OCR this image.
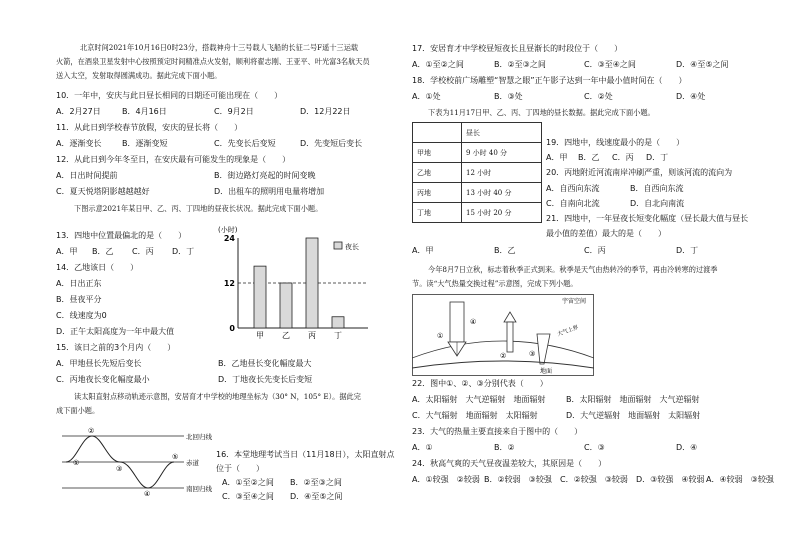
北京时间2021年10月16日0时23分，搭载神舟十三号载人飞船的长征二号F遥十三运载
火箭，在酒泉卫星发射中心按照预定时间精准点火发射，顺利将翟志刚、王亚平、叶光富3名航天员
送入太空，发射取得圆满成功。据此完成下面小题。
10．一年中，安庆与此日昼长相同的日期还可能出现在（　　）
A．2月27日	B．4月16日	C．9月2日	D．12月22日
11．从此日到学校春节放假，安庆的昼长将（　　）
A．逐渐变长	B．逐渐变短	C．先变长后变短	D．先变短后变长
12．从此日到今年冬至日，在安庆最有可能发生的现象是（　　）
A．日出时间提前	B．街边路灯亮起的时间变晚
C．夏天悦塔阴影越越越好	D．出租车的照明用电量将增加
下图示意2021年某日甲、乙、丙、丁四地的昼夜长状况。据此完成下面小题。
13．四地中位置最偏北的是（　　）
A．甲 B．乙 C．丙 D．丁
14．乙地该日（　　）
A．日出正东
B．昼夜平分
C．线速度为0
D．正午太阳高度为一年中最大值
15．该日之前的3个月内（　　）
A．甲地昼长先短后变长	B．乙地昼长变化幅度最大
C．丙地夜长变化幅度最小	D．丁地夜长先变长后变短
读太阳直射点移动轨迹示意图，安居育才中学校的地理坐标为（30° N，105° E）。据此完
成下面小题。
(小时)
0
12
24
甲 乙 丙 丁
夜长
①
②
③
④
⑤
北回归线
赤道
南回归线
16．本堂地理考试当日（11月18日），太阳直射点
位于（　　）
A．①至②之间 B．②至③之间
C．③至④之间 D．④至⑤之间
17．安居育才中学校昼短夜长且昼渐长的时段位于（　　）
A．①至②之间	B．②至③之间	C．③至④之间	D．④至⑤之间
18．学校校前广场雕塑“智慧之眼”正午影子达到一年中最小值时间在（　　）
A．①处	B．③处	C．②处	D．④处
下表为11月17日甲、乙、丙、丁四地的昼长数据。据此完成下面小题。
	昼长
甲地	9 小时 40 分
乙地	12 小时
丙地	13 小时 40 分
丁地	15 小时 20 分
19．四地中，线速度最小的是（　　）
A．甲 B．乙 C．丙 D．丁
20．丙地附近河流南岸冲刷严重，则该河流的流向为
A．自西向东流	B．自西向东流
C．自南向北流	D．自北向南流
21．四地中，一年昼夜长短变化幅度（昼长最大值与昼长
最小值的差值）最大的是（　　）
A．甲	B．乙	C．丙	D．丁
今年8月7日立秋，标志着秋季正式到来。秋季是天气由热转冷的季节，再由冷转寒的过渡季
节。读“大气热量交换过程”示意图，完成下列小题。
宇宙空间
大气上界
地面
④
①
②	③
22．图中①、②、③分别代表（　　）
A．太阳辐射　大气逆辐射　地面辐射	B．太阳辐射　地面辐射　大气逆辐射
C．大气辐射　地面辐射　太阳辐射	D．大气逆辐射　地面辐射　太阳辐射
23．大气的热量主要直接来自于图中的（　　）
A．①	B．②	C．③	D．④
24．秋高气爽的天气昼夜温差较大，其原因是（　　）
A．①较强　②较弱 B．②较弱　③较强 C．②较强　③较弱 D．③较强　④较弱 A．④较弱　③较强
